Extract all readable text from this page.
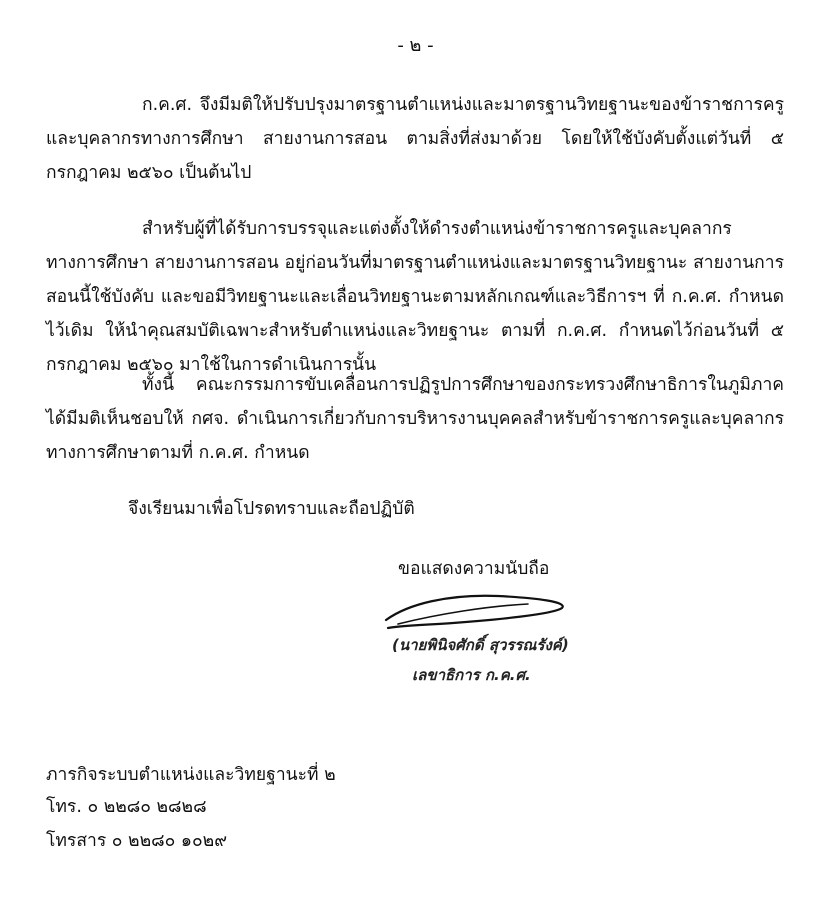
- ๒ -

ก.ค.ศ. จึงมีมติให้ปรับปรุงมาตรฐานตำแหน่งและมาตรฐานวิทยฐานะของข้าราชการครูและบุคลากรทางการศึกษา สายงานการสอน ตามสิ่งที่ส่งมาด้วย โดยให้ใช้บังคับตั้งแต่วันที่ ๕ กรกฎาคม ๒๕๖๐ เป็นต้นไป

สำหรับผู้ที่ได้รับการบรรจุและแต่งตั้งให้ดำรงตำแหน่งข้าราชการครูและบุคลากรทางการศึกษา สายงานการสอน อยู่ก่อนวันที่มาตรฐานตำแหน่งและมาตรฐานวิทยฐานะ สายงานการสอนนี้ใช้บังคับ และขอมีวิทยฐานะและเลื่อนวิทยฐานะตามหลักเกณฑ์และวิธีการฯ ที่ ก.ค.ศ. กำหนดไว้เดิม ให้นำคุณสมบัติเฉพาะสำหรับตำแหน่งและวิทยฐานะ ตามที่ ก.ค.ศ. กำหนดไว้ก่อนวันที่ ๕ กรกฎาคม ๒๕๖๐ มาใช้ในการดำเนินการนั้น

ทั้งนี้ คณะกรรมการขับเคลื่อนการปฏิรูปการศึกษาของกระทรวงศึกษาธิการในภูมิภาค ได้มีมติเห็นชอบให้ กศจ. ดำเนินการเกี่ยวกับการบริหารงานบุคคลสำหรับข้าราชการครูและบุคลากรทางการศึกษาตามที่ ก.ค.ศ. กำหนด

จึงเรียนมาเพื่อโปรดทราบและถือปฏิบัติ
ขอแสดงความนับถือ
(นายพินิจศักดิ์ สุวรรณรังค์)
เลขาธิการ ก.ค.ศ.
ภารกิจระบบตำแหน่งและวิทยฐานะที่ ๒
โทร. ๐ ๒๒๘๐ ๒๘๒๘
โทรสาร ๐ ๒๒๘๐ ๑๐๒๙
